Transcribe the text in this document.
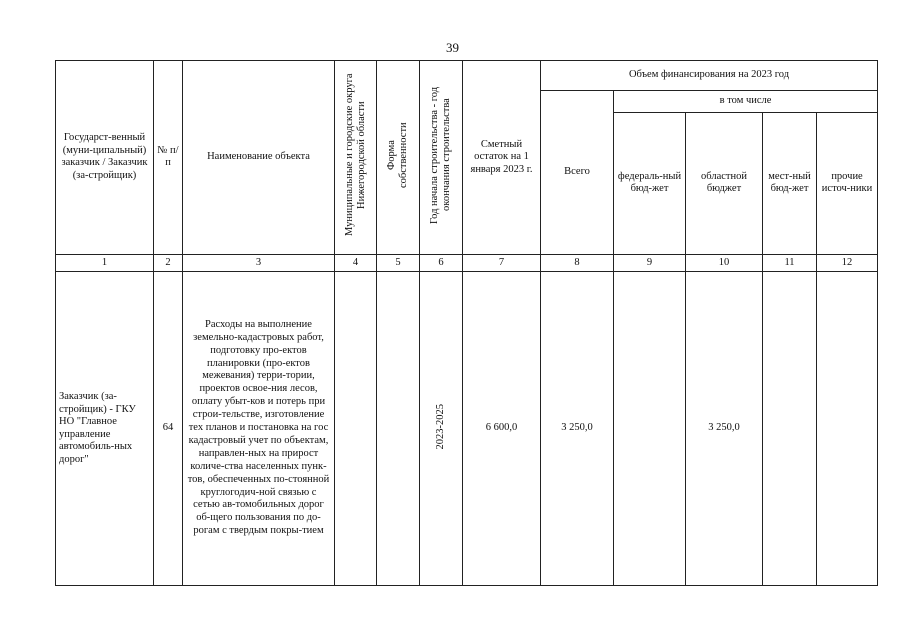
39
Государст-венный (муни-ципальный) заказчик / Заказчик (за-стройщик)	№ п/п	Наименование объекта	Муниципальные и городские округа Нижегородской области	Форма собственности	Год начала строительства - год окончания строительства	Сметный остаток на 1 января 2023 г.	Объем финансирования на 2023 год				
							Всего	в том числе			
								федераль-ный бюд-жет	областной бюджет	мест-ный бюд-жет	прочие источ-ники
1	2	3	4	5	6	7	8	9	10	11	12
Заказчик (за-стройщик) - ГКУ НО "Главное управление автомобиль-ных дорог"	64	Расходы на выполнение земельно-кадастровых работ, подготовку про-ектов планировки (про-ектов межевания) терри-тории, проектов освое-ния лесов, оплату убыт-ков и потерь при строи-тельстве, изготовление тех планов и постановка на гос кадастровый учет по объектам, направлен-ных на прирост количе-ства населенных пунк-тов, обеспеченных по-стоянной круглогодич-ной связью с сетью ав-томобильных дорог об-щего пользования по до-рогам с твердым покры-тием			2023-2025	6 600,0	3 250,0		3 250,0		
